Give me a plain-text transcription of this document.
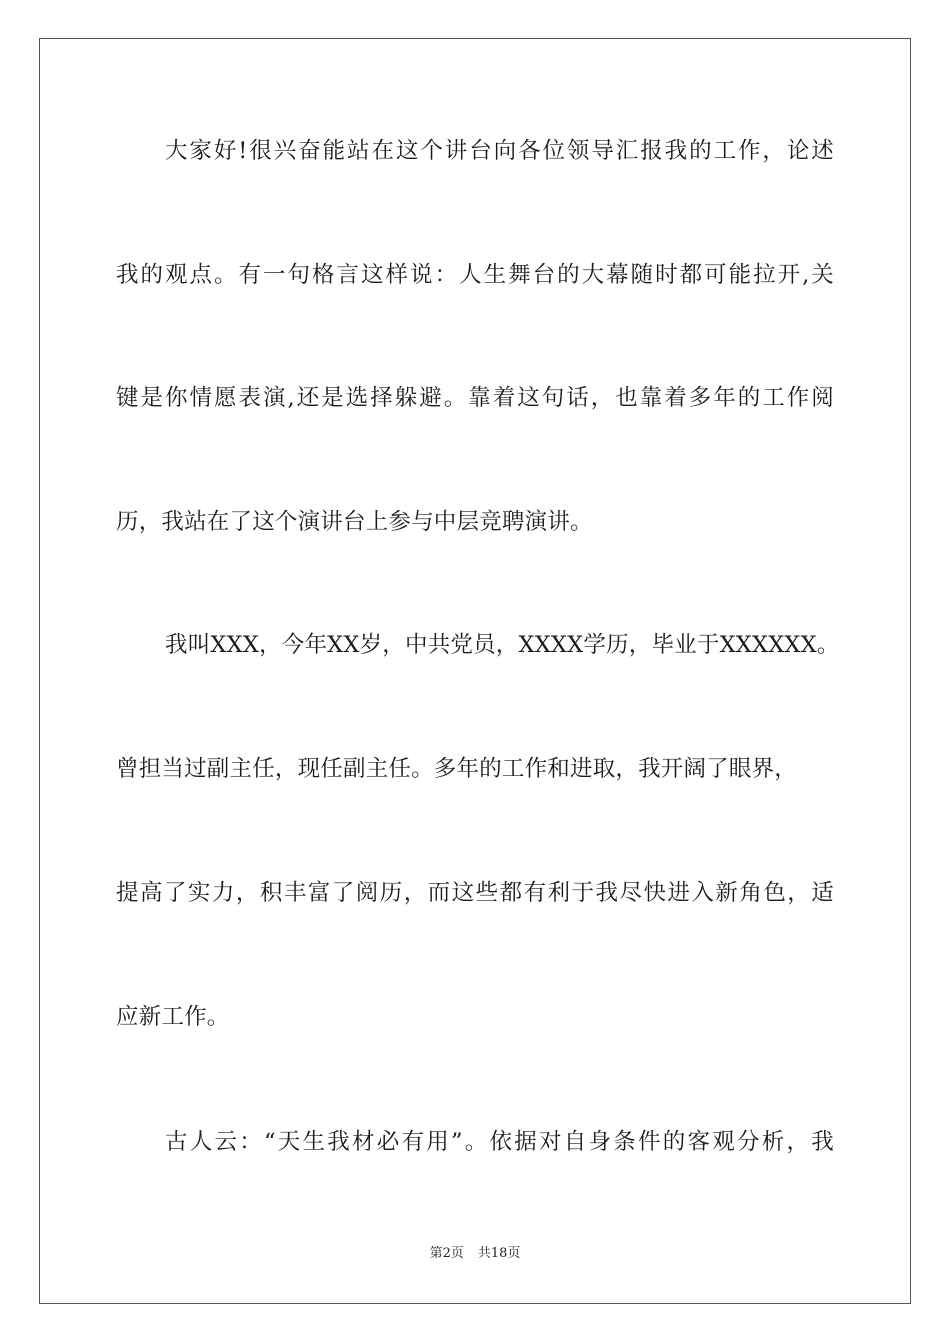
大家好!很兴奋能站在这个讲台向各位领导汇报我的工作，论述
我的观点。有一句格言这样说：人生舞台的大幕随时都可能拉开,关
键是你情愿表演,还是选择躲避。靠着这句话，也靠着多年的工作阅
历，我站在了这个演讲台上参与中层竞聘演讲。
我叫XXX，今年XX岁，中共党员，XXXX学历，毕业于XXXXXX。
曾担当过副主任，现任副主任。多年的工作和进取，我开阔了眼界，
提高了实力，积丰富了阅历，而这些都有利于我尽快进入新角色，适
应新工作。
古人云：“天生我材必有用”。依据对自身条件的客观分析，我
第2页 共18页
